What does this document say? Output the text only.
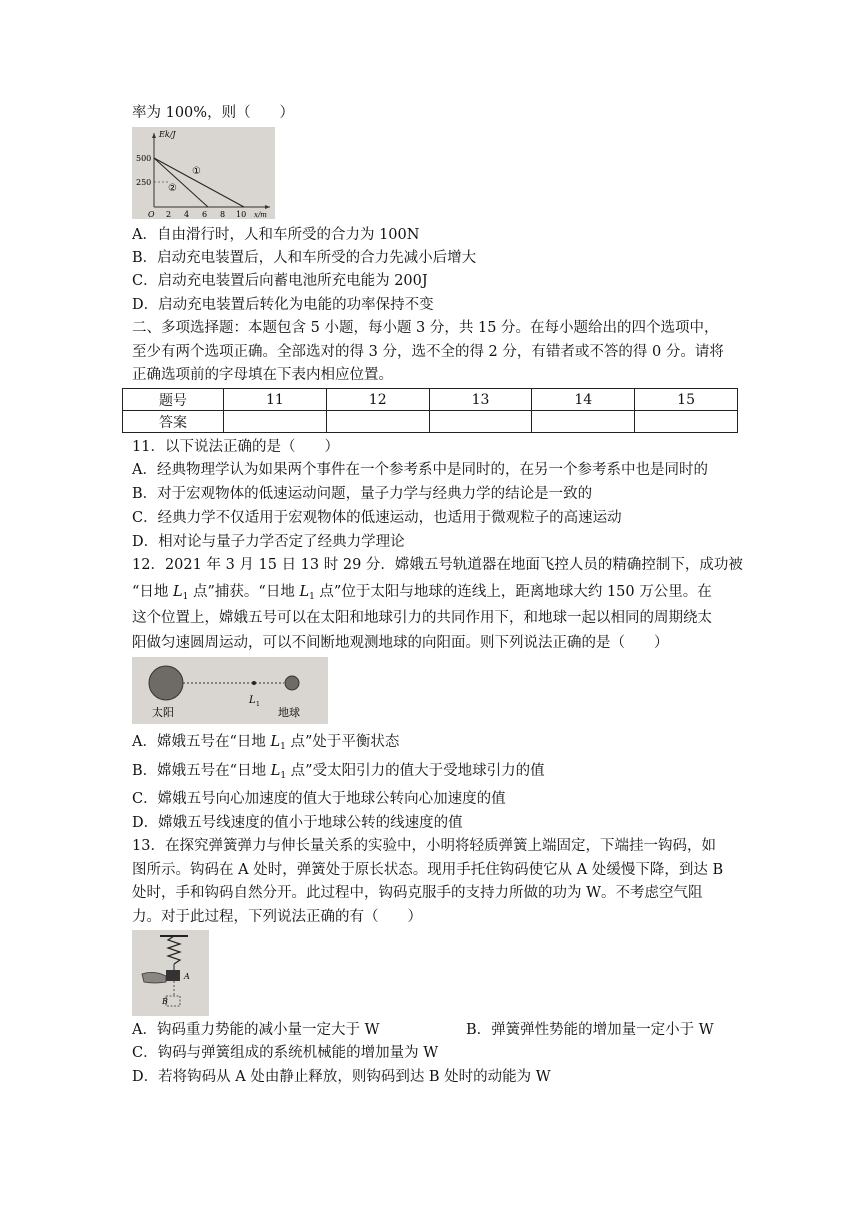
率为 100%，则（　　）
Ek/J
x/m
500
250
O 2 4 6 8 10
①
②
A．自由滑行时，人和车所受的合力为 100N
B．启动充电装置后，人和车所受的合力先减小后增大
C．启动充电装置后向蓄电池所充电能为 200J
D．启动充电装置后转化为电能的功率保持不变
二、多项选择题：本题包含 5 小题，每小题 3 分，共 15 分。在每小题给出的四个选项中，
至少有两个选项正确。全部选对的得 3 分，选不全的得 2 分，有错者或不答的得 0 分。请将
正确选项前的字母填在下表内相应位置。
题号	11	12	13	14	15
答案					
11．以下说法正确的是（　　）
A．经典物理学认为如果两个事件在一个参考系中是同时的，在另一个参考系中也是同时的
B．对于宏观物体的低速运动问题，量子力学与经典力学的结论是一致的
C．经典力学不仅适用于宏观物体的低速运动，也适用于微观粒子的高速运动
D．相对论与量子力学否定了经典力学理论
12．2021 年 3 月 15 日 13 时 29 分．嫦娥五号轨道器在地面飞控人员的精确控制下，成功被
“日地 $L_1$ 点”捕获。“日地 $L_1$ 点”位于太阳与地球的连线上，距离地球大约 150 万公里。在
这个位置上，嫦娥五号可以在太阳和地球引力的共同作用下，和地球一起以相同的周期绕太
阳做匀速圆周运动，可以不间断地观测地球的向阳面。则下列说法正确的是（　　）
太阳	地球
L 1
A．嫦娥五号在“日地 $L_1$ 点”处于平衡状态
B．嫦娥五号在“日地 $L_1$ 点”受太阳引力的值大于受地球引力的值
C．嫦娥五号向心加速度的值大于地球公转向心加速度的值
D．嫦娥五号线速度的值小于地球公转的线速度的值
13．在探究弹簧弹力与伸长量关系的实验中，小明将轻质弹簧上端固定，下端挂一钩码，如
图所示。钩码在 A 处时，弹簧处于原长状态。现用手托住钩码使它从 A 处缓慢下降，到达 B
处时，手和钩码自然分开。此过程中，钩码克服手的支持力所做的功为 W。不考虑空气阻
力。对于此过程，下列说法正确的有（　　）
A
B
A．钩码重力势能的减小量一定大于 W	B．弹簧弹性势能的增加量一定小于 W
C．钩码与弹簧组成的系统机械能的增加量为 W
D．若将钩码从 A 处由静止释放，则钩码到达 B 处时的动能为 W
